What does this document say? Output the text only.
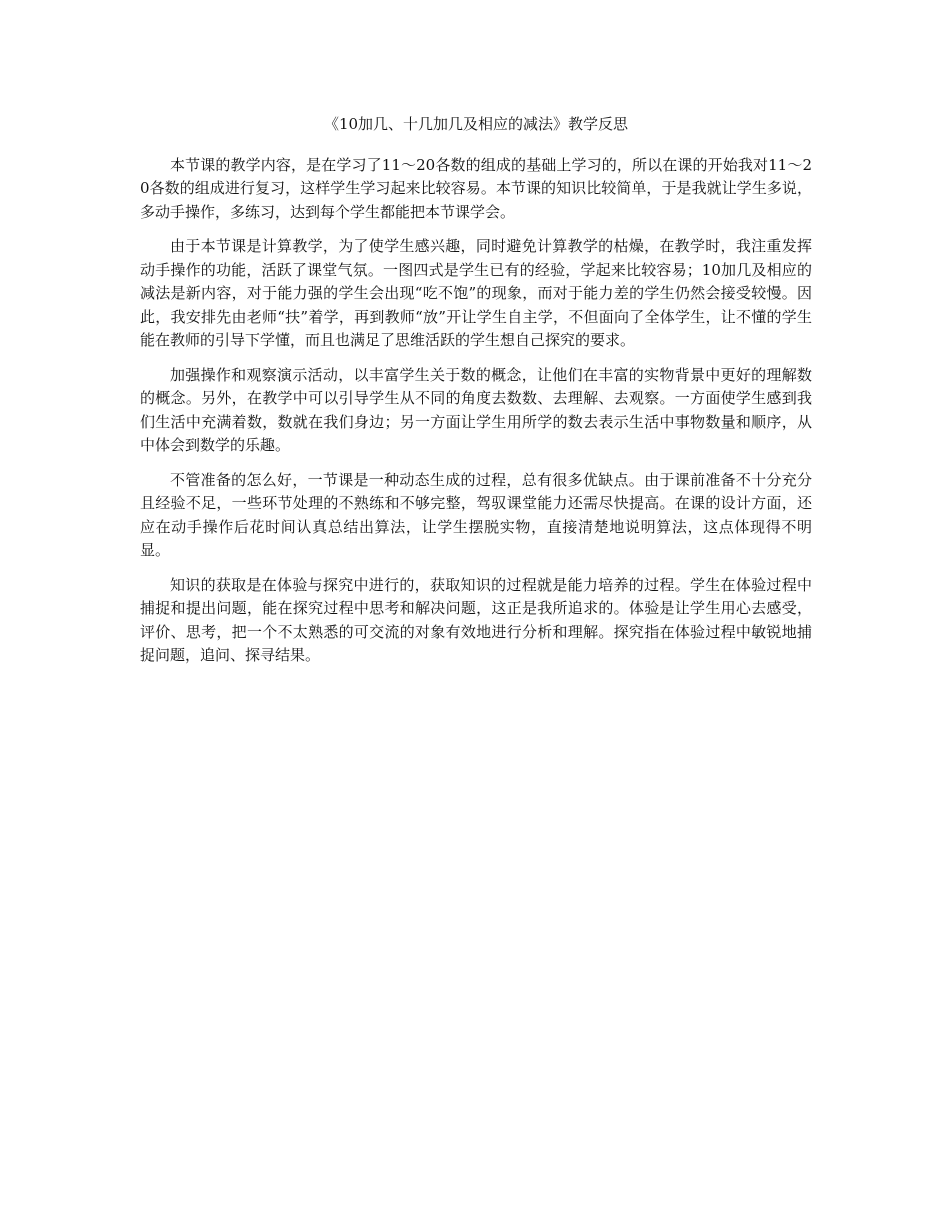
《10加几、十几加几及相应的减法》教学反思

本节课的教学内容，是在学习了11～20各数的组成的基础上学习的，所以在课的开始我对11～20各数的组成进行复习，这样学生学习起来比较容易。本节课的知识比较简单，于是我就让学生多说，多动手操作，多练习，达到每个学生都能把本节课学会。

由于本节课是计算教学，为了使学生感兴趣，同时避免计算教学的枯燥，在教学时，我注重发挥动手操作的功能，活跃了课堂气氛。一图四式是学生已有的经验，学起来比较容易；10加几及相应的减法是新内容，对于能力强的学生会出现“吃不饱”的现象，而对于能力差的学生仍然会接受较慢。因此，我安排先由老师“扶”着学，再到教师“放”开让学生自主学，不但面向了全体学生，让不懂的学生能在教师的引导下学懂，而且也满足了思维活跃的学生想自己探究的要求。

加强操作和观察演示活动，以丰富学生关于数的概念，让他们在丰富的实物背景中更好的理解数的概念。另外，在教学中可以引导学生从不同的角度去数数、去理解、去观察。一方面使学生感到我们生活中充满着数，数就在我们身边；另一方面让学生用所学的数去表示生活中事物数量和顺序，从中体会到数学的乐趣。

不管准备的怎么好，一节课是一种动态生成的过程，总有很多优缺点。由于课前准备不十分充分且经验不足，一些环节处理的不熟练和不够完整，驾驭课堂能力还需尽快提高。在课的设计方面，还应在动手操作后花时间认真总结出算法，让学生摆脱实物，直接清楚地说明算法，这点体现得不明显。

知识的获取是在体验与探究中进行的，获取知识的过程就是能力培养的过程。学生在体验过程中捕捉和提出问题，能在探究过程中思考和解决问题，这正是我所追求的。体验是让学生用心去感受，评价、思考，把一个不太熟悉的可交流的对象有效地进行分析和理解。探究指在体验过程中敏锐地捕捉问题，追问、探寻结果。
